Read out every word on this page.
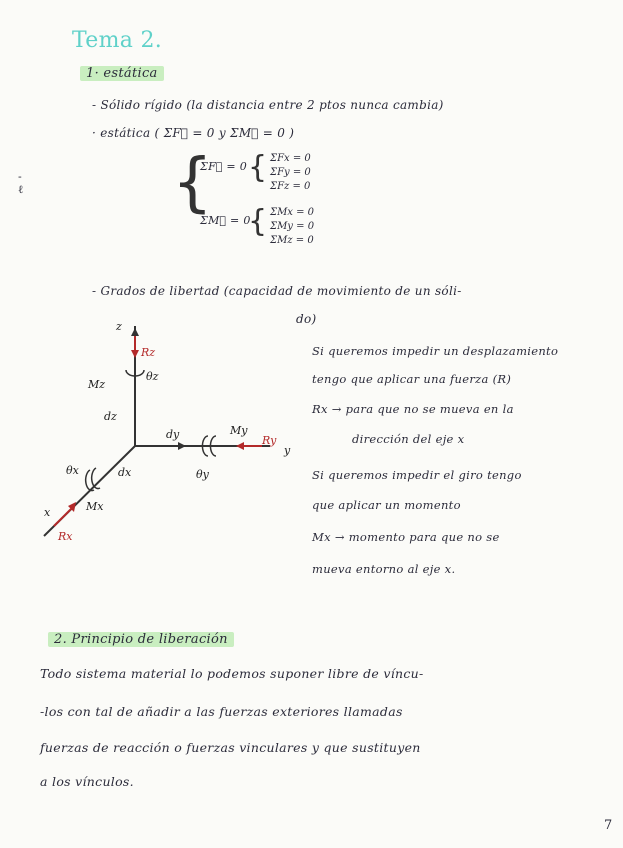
Tema 2.
-
ℓ
1· estática
- Sólido rígido (la distancia entre 2 ptos nunca cambia)
· estática ( ΣF⃗ = 0 y ΣM⃗ = 0 )
{
ΣF⃗ = 0 { ΣFx = 0
ΣFy = 0
ΣFz = 0
ΣM⃗ = 0
{ ΣMx = 0
ΣMy = 0
ΣMz = 0
- Grados de libertad (capacidad de movimiento de un sóli-
do)
z
Rz
Mz
θz
dz
dy	My
Ry
y
θy
θx	dx
Mx
x
Rx
Si queremos impedir un desplazamiento
tengo que aplicar una fuerza (R)
Rx → para que no se mueva en la
dirección del eje x
Si queremos impedir el giro tengo
que aplicar un momento
Mx → momento para que no se
mueva entorno al eje x.
2. Principio de liberación
Todo sistema material lo podemos suponer libre de víncu-
-los con tal de añadir a las fuerzas exteriores llamadas
fuerzas de reacción o fuerzas vinculares y que sustituyen
a los vínculos.
7
